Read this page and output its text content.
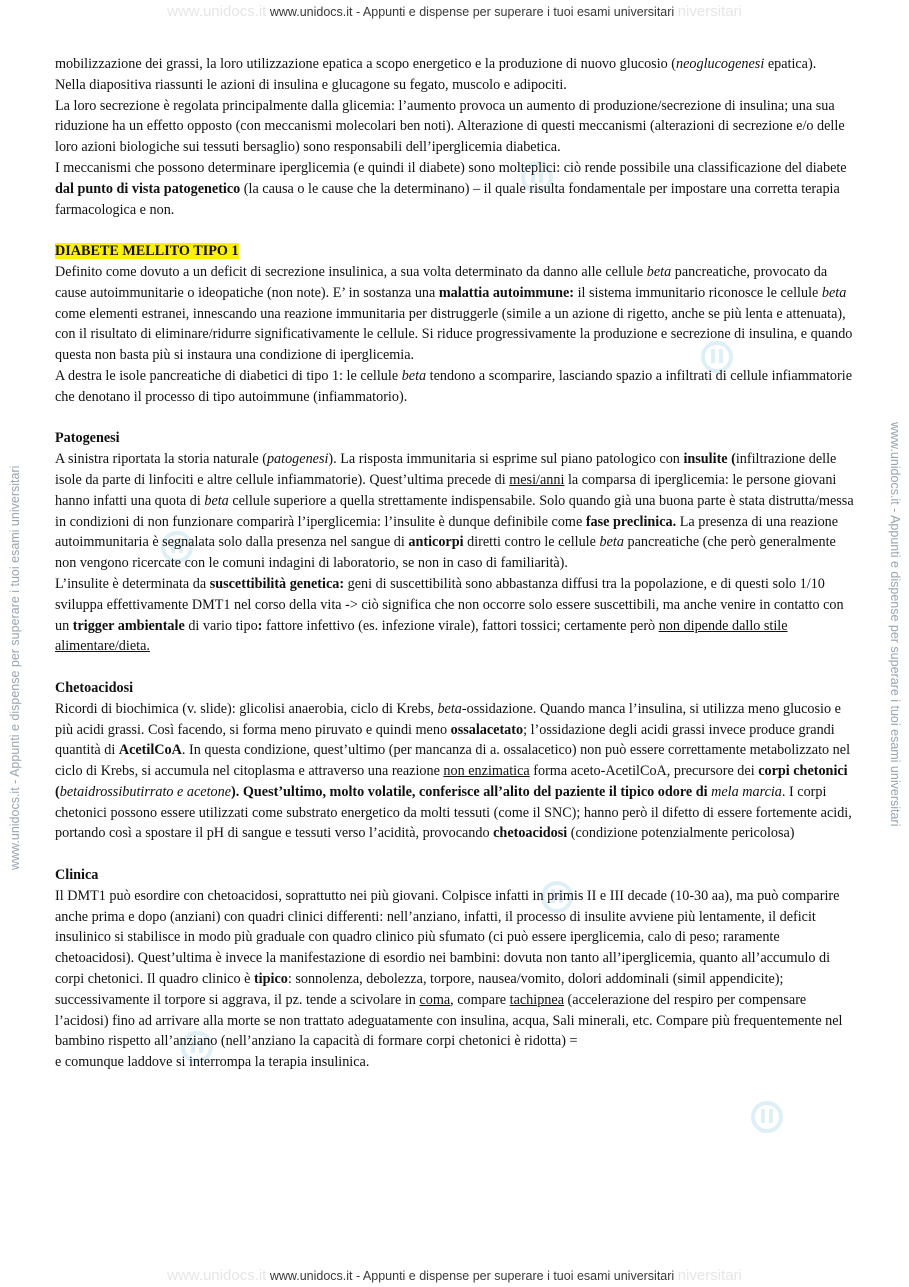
www.unidocs.it www.unidocs.it - Appunti e dispense per superare i tuoi esami universitari niversitari
www.unidocs.it www.unidocs.it - Appunti e dispense per superare i tuoi esami universitari niversitari
www.unidocs.it - Appunti e dispense per superare i tuoi esami universitari	www.unidocs.it - Appunti e dispense per superare i tuoi esami universitari

mobilizzazione dei grassi, la loro utilizzazione epatica a scopo energetico e la produzione di nuovo glucosio (neoglucogenesi epatica).

Nella diapositiva riassunti le azioni di insulina e glucagone su fegato, muscolo e adipociti.

La loro secrezione è regolata principalmente dalla glicemia: l’aumento provoca un aumento di produzione/secrezione di insulina; una sua riduzione ha un effetto opposto (con meccanismi molecolari ben noti). Alterazione di questi meccanismi (alterazioni di secrezione e/o delle loro azioni biologiche sui tessuti bersaglio) sono responsabili dell’iperglicemia diabetica.

I meccanismi che possono determinare iperglicemia (e quindi il diabete) sono molteplici: ciò rende possibile una classificazione del diabete dal punto di vista patogenetico (la causa o le cause che la determinano) – il quale risulta fondamentale per impostare una corretta terapia farmacologica e non.

DIABETE MELLITO TIPO 1

Definito come dovuto a un deficit di secrezione insulinica, a sua volta determinato da danno alle cellule beta pancreatiche, provocato da cause autoimmunitarie o ideopatiche (non note). E’ in sostanza una malattia autoimmune: il sistema immunitario riconosce le cellule beta come elementi estranei, innescando una reazione immunitaria per distruggerle (simile a un azione di rigetto, anche se più lenta e attenuata), con il risultato di eliminare/ridurre significativamente le cellule. Si riduce progressivamente la produzione e secrezione di insulina, e quando questa non basta più si instaura una condizione di iperglicemia.

A destra le isole pancreatiche di diabetici di tipo 1: le cellule beta tendono a scomparire, lasciando spazio a infiltrati di cellule infiammatorie che denotano il processo di tipo autoimmune (infiammatorio).

Patogenesi

A sinistra riportata la storia naturale (patogenesi). La risposta immunitaria si esprime sul piano patologico con insulite (infiltrazione delle isole da parte di linfociti e altre cellule infiammatorie). Quest’ultima precede di mesi/anni la comparsa di iperglicemia: le persone giovani hanno infatti una quota di beta cellule superiore a quella strettamente indispensabile. Solo quando già una buona parte è stata distrutta/messa in condizioni di non funzionare comparirà l’iperglicemia: l’insulite è dunque definibile come fase preclinica. La presenza di una reazione autoimmunitaria è segnalata solo dalla presenza nel sangue di anticorpi diretti contro le cellule beta pancreatiche (che però generalmente non vengono ricercate con le comuni indagini di laboratorio, se non in caso di familiarità).

L’insulite è determinata da suscettibilità genetica: geni di suscettibilità sono abbastanza diffusi tra la popolazione, e di questi solo 1/10 sviluppa effettivamente DMT1 nel corso della vita -> ciò significa che non occorre solo essere suscettibili, ma anche venire in contatto con un trigger ambientale di vario tipo: fattore infettivo (es. infezione virale), fattori tossici; certamente però non dipende dallo stile alimentare/dieta.

Chetoacidosi

Ricordi di biochimica (v. slide): glicolisi anaerobia, ciclo di Krebs, beta-ossidazione. Quando manca l’insulina, si utilizza meno glucosio e più acidi grassi. Così facendo, si forma meno piruvato e quindi meno ossalacetato; l’ossidazione degli acidi grassi invece produce grandi quantità di AcetilCoA. In questa condizione, quest’ultimo (per mancanza di a. ossalacetico) non può essere correttamente metabolizzato nel ciclo di Krebs, si accumula nel citoplasma e attraverso una reazione non enzimatica forma aceto-AcetilCoA, precursore dei corpi chetonici (betaidrossibutirrato e acetone). Quest’ultimo, molto volatile, conferisce all’alito del paziente il tipico odore di mela marcia. I corpi chetonici possono essere utilizzati come substrato energetico da molti tessuti (come il SNC); hanno però il difetto di essere fortemente acidi, portando così a spostare il pH di sangue e tessuti verso l’acidità, provocando chetoacidosi (condizione potenzialmente pericolosa)

Clinica

Il DMT1 può esordire con chetoacidosi, soprattutto nei più giovani. Colpisce infatti in primis II e III decade (10-30 aa), ma può comparire anche prima e dopo (anziani) con quadri clinici differenti: nell’anziano, infatti, il processo di insulite avviene più lentamente, il deficit insulinico si stabilisce in modo più graduale con quadro clinico più sfumato (ci può essere iperglicemia, calo di peso; raramente chetoacidosi). Quest’ultima è invece la manifestazione di esordio nei bambini: dovuta non tanto all’iperglicemia, quanto all’accumulo di corpi chetonici. Il quadro clinico è tipico: sonnolenza, debolezza, torpore, nausea/vomito, dolori addominali (simil appendicite); successivamente il torpore si aggrava, il pz. tende a scivolare in coma, compare tachipnea (accelerazione del respiro per compensare l’acidosi) fino ad arrivare alla morte se non trattato adeguatamente con insulina, acqua, Sali minerali, etc. Compare più frequentemente nel bambino rispetto all’anziano (nell’anziano la capacità di formare corpi chetonici è ridotta) =

e comunque laddove si interrompa la terapia insulinica.
